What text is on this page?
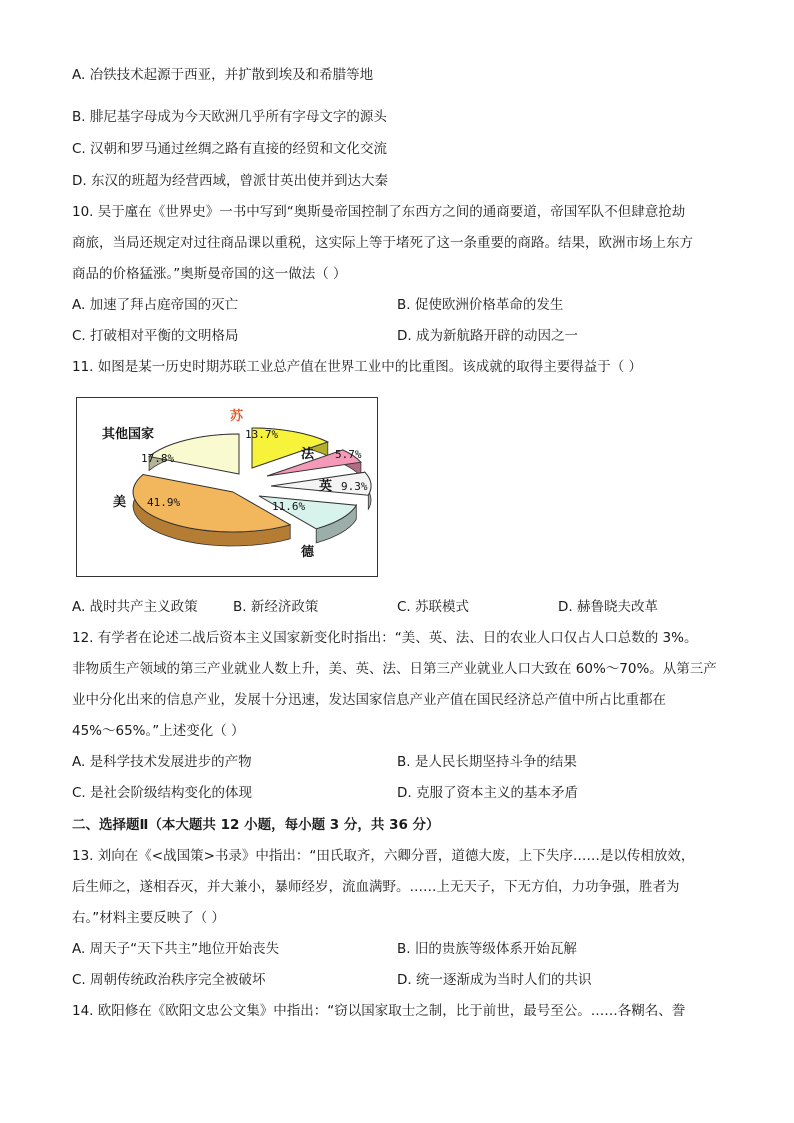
A. 冶铁技术起源于西亚，并扩散到埃及和希腊等地
B. 腓尼基字母成为今天欧洲几乎所有字母文字的源头
C. 汉朝和罗马通过丝绸之路有直接的经贸和文化交流
D. 东汉的班超为经营西域，曾派甘英出使并到达大秦
10. 吴于廑在《世界史》一书中写到“奥斯曼帝国控制了东西方之间的通商要道，帝国军队不但肆意抢劫
商旅，当局还规定对过往商品课以重税，这实际上等于堵死了这一条重要的商路。结果，欧洲市场上东方
商品的价格猛涨。”奥斯曼帝国的这一做法（ ）
A. 加速了拜占庭帝国的灭亡	B. 促使欧洲价格革命的发生
C. 打破相对平衡的文明格局	D. 成为新航路开辟的动因之一
11. 如图是某一历史时期苏联工业总产值在世界工业中的比重图。该成就的取得主要得益于（ ）
苏
13.7%
法 5.7%
英 9.3%
德
11.6%
美 41.9%
其他国家
17.8%
A. 战时共产主义政策	B. 新经济政策	C. 苏联模式	D. 赫鲁晓夫改革
12. 有学者在论述二战后资本主义国家新变化时指出：“美、英、法、日的农业人口仅占人口总数的 3%。
非物质生产领域的第三产业就业人数上升，美、英、法、日第三产业就业人口大致在 60%～70%。从第三产
业中分化出来的信息产业，发展十分迅速，发达国家信息产业产值在国民经济总产值中所占比重都在
45%～65%。”上述变化（ ）
A. 是科学技术发展进步的产物	B. 是人民长期坚持斗争的结果
C. 是社会阶级结构变化的体现	D. 克服了资本主义的基本矛盾
二、选择题Ⅱ（本大题共 12 小题，每小题 3 分，共 36 分）
13. 刘向在《<战国策>书录》中指出：“田氏取齐，六卿分晋，道德大废，上下失序……是以传相放效，
后生师之，遂相吞灭，并大兼小，暴师经岁，流血满野。……上无天子，下无方伯，力功争强，胜者为
右。”材料主要反映了（ ）
A. 周天子“天下共主”地位开始丧失	B. 旧的贵族等级体系开始瓦解
C. 周朝传统政治秩序完全被破坏	D. 统一逐渐成为当时人们的共识
14. 欧阳修在《欧阳文忠公文集》中指出：“窃以国家取士之制，比于前世，最号至公。……各糊名、誊
